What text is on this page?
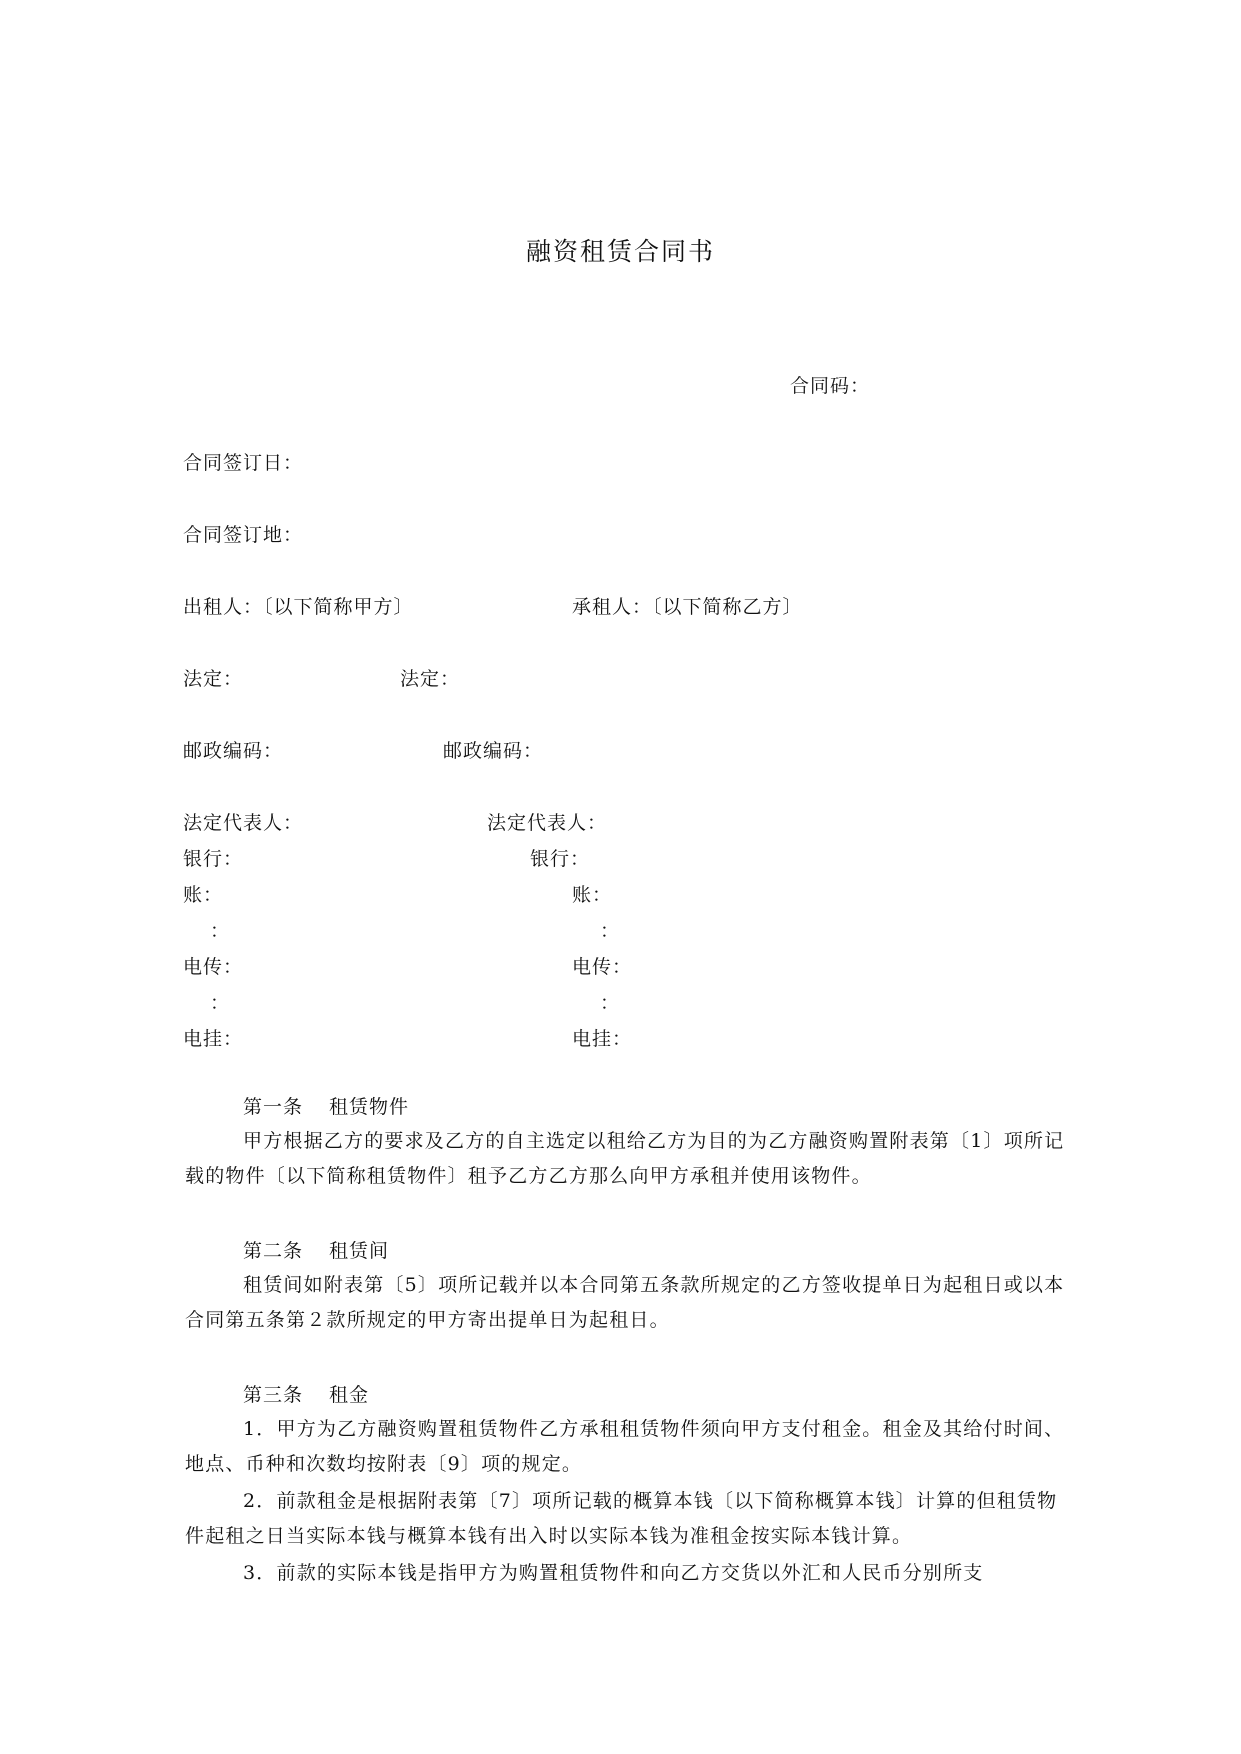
融资租赁合同书
合同码：
合同签订日：
合同签订地：
出租人：〔以下简称甲方〕	承租人：〔以下简称乙方〕
法定：	法定：
邮政编码：	邮政编码：
法定代表人：	法定代表人：
银行：	银行：
账：	账：
：	：
电传：	电传：
：	：
电挂：	电挂：
第一条 租赁物件
甲方根据乙方的要求及乙方的自主选定以租给乙方为目的为乙方融资购置附表第〔1〕项所记载的物件〔以下简称租赁物件〕租予乙方乙方那么向甲方承租并使用该物件。
第二条 租赁间
租赁间如附表第〔5〕项所记载并以本合同第五条款所规定的乙方签收提单日为起租日或以本合同第五条第２款所规定的甲方寄出提单日为起租日。
第三条 租金
1．甲方为乙方融资购置租赁物件乙方承租租赁物件须向甲方支付租金。租金及其给付时间、地点、币种和次数均按附表〔9〕项的规定。
2．前款租金是根据附表第〔7〕项所记载的概算本钱〔以下简称概算本钱〕计算的但租赁物件起租之日当实际本钱与概算本钱有出入时以实际本钱为准租金按实际本钱计算。
3．前款的实际本钱是指甲方为购置租赁物件和向乙方交货以外汇和人民币分别所支
